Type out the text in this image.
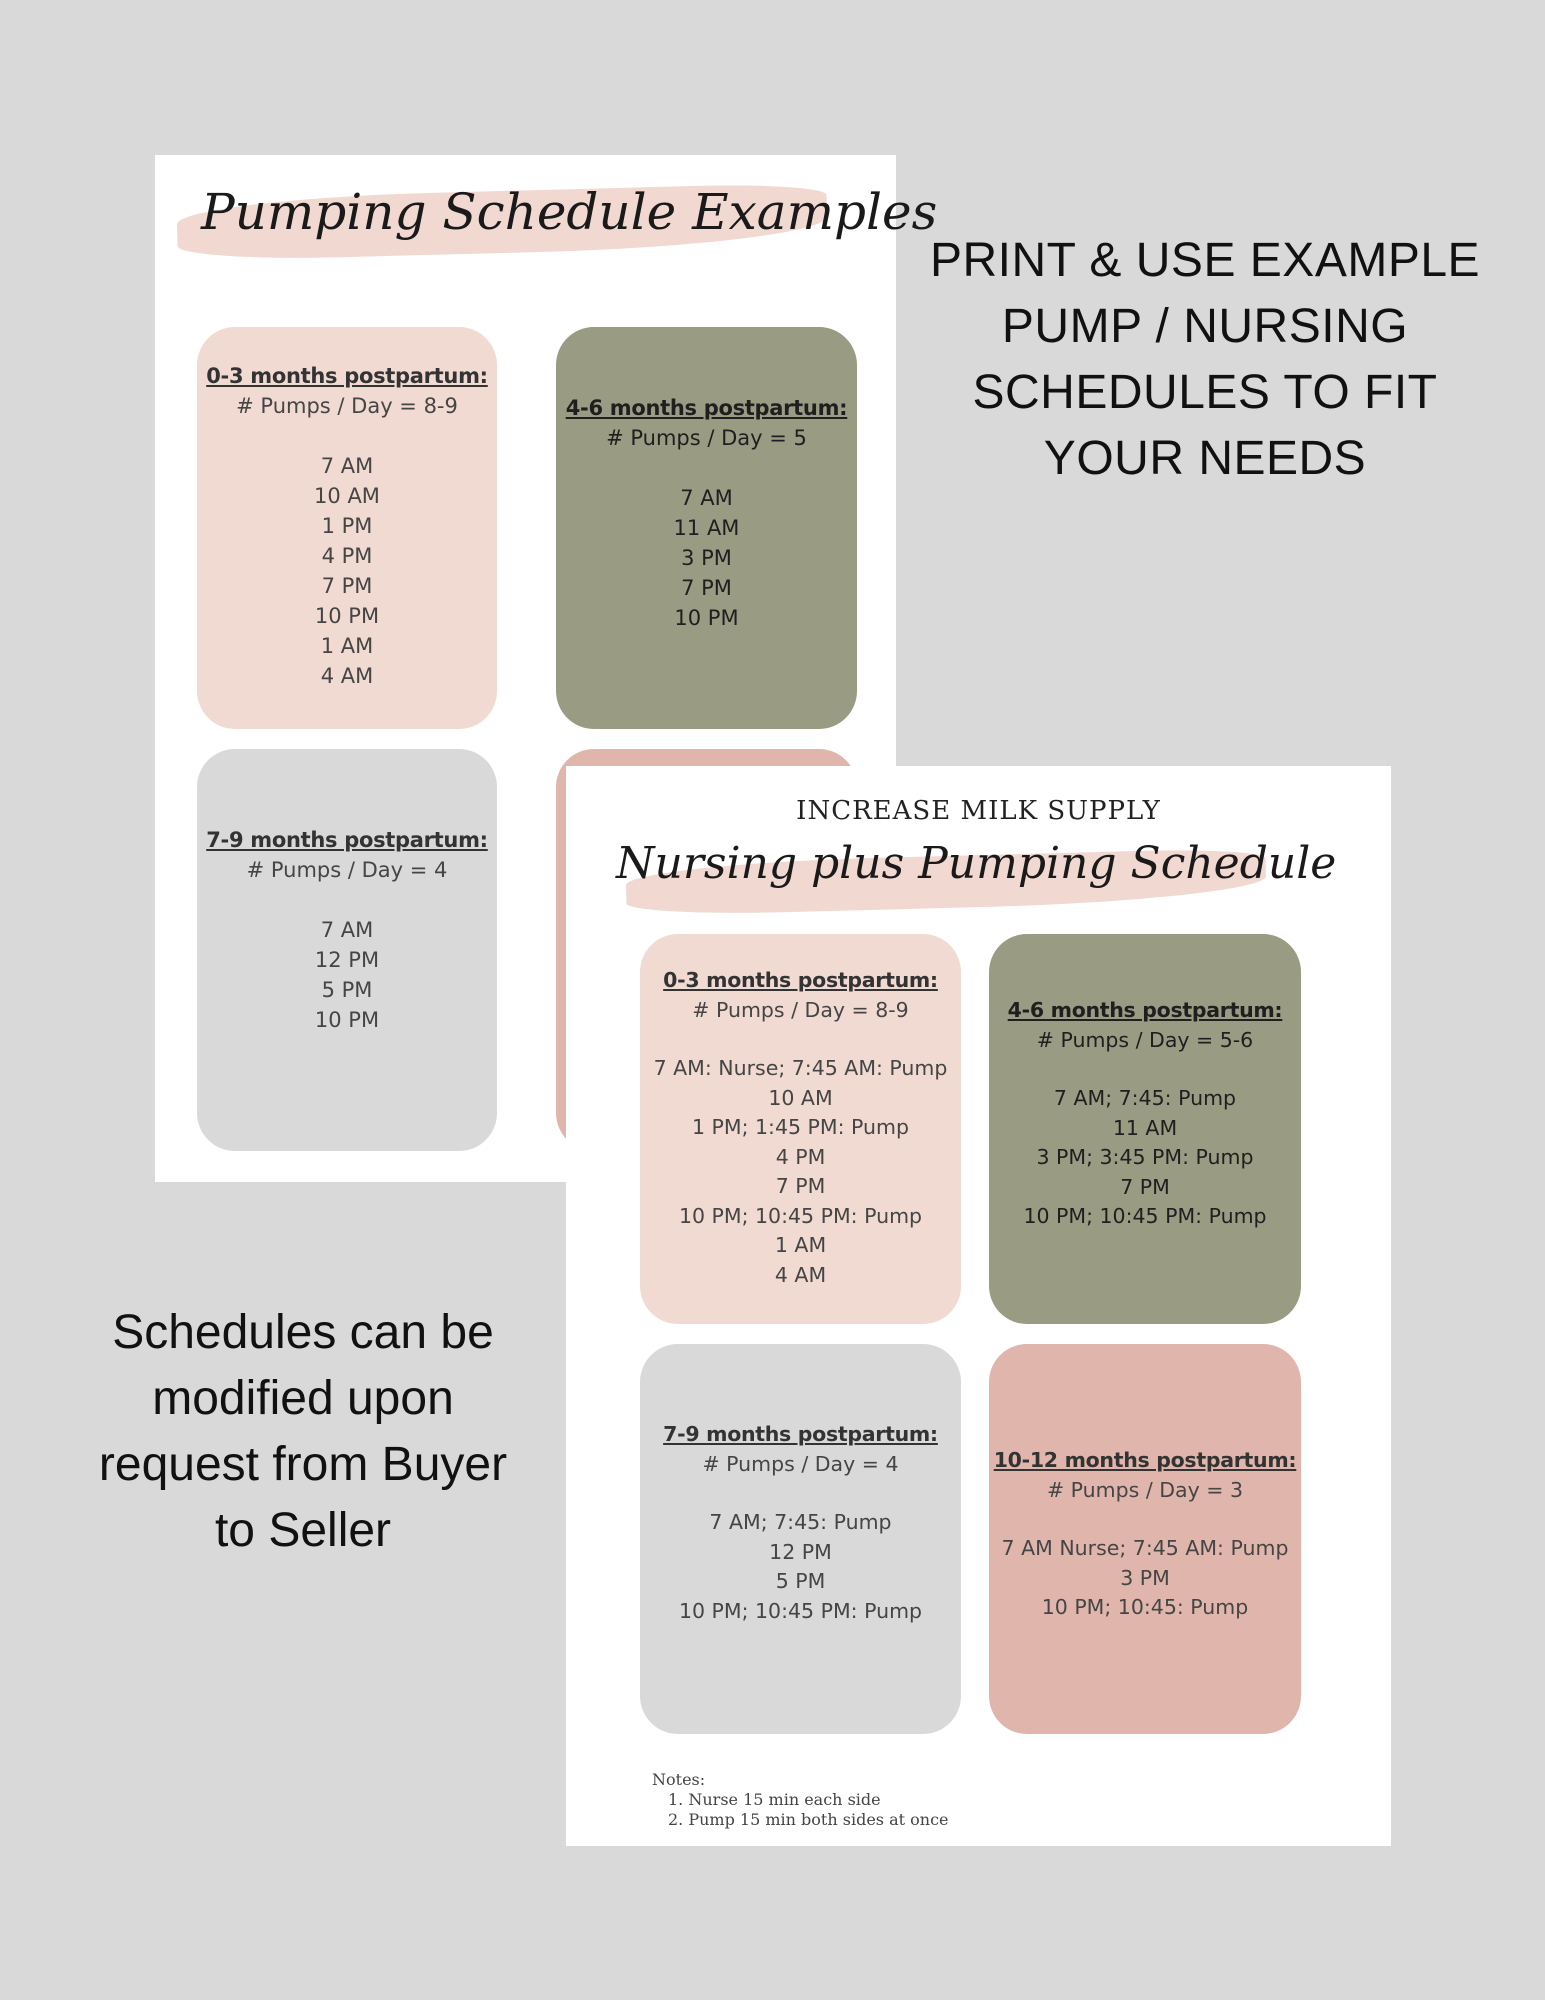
Pumping Schedule Examples
0-3 months postpartum:
# Pumps / Day = 8-9
7 AM
10 AM
1 PM
4 PM
7 PM
10 PM
1 AM
4 AM
4-6 months postpartum:
# Pumps / Day = 5
7 AM
11 AM
3 PM
7 PM
10 PM
7-9 months postpartum:
# Pumps / Day = 4
7 AM
12 PM
5 PM
10 PM
INCREASE MILK SUPPLY
Nursing plus Pumping Schedule
0-3 months postpartum:
# Pumps / Day = 8-9
7 AM: Nurse; 7:45 AM: Pump
10 AM
1 PM; 1:45 PM: Pump
4 PM
7 PM
10 PM; 10:45 PM: Pump
1 AM
4 AM
4-6 months postpartum:
# Pumps / Day = 5-6
7 AM; 7:45: Pump
11 AM
3 PM; 3:45 PM: Pump
7 PM
10 PM; 10:45 PM: Pump
7-9 months postpartum:
# Pumps / Day = 4
7 AM; 7:45: Pump
12 PM
5 PM
10 PM; 10:45 PM: Pump
10-12 months postpartum:
# Pumps / Day = 3
7 AM Nurse; 7:45 AM: Pump
3 PM
10 PM; 10:45: Pump
Notes:
1. Nurse 15 min each side
2. Pump 15 min both sides at once
PRINT & USE EXAMPLE
PUMP / NURSING
SCHEDULES TO FIT
YOUR NEEDS
Schedules can be
modified upon
request from Buyer
to Seller
